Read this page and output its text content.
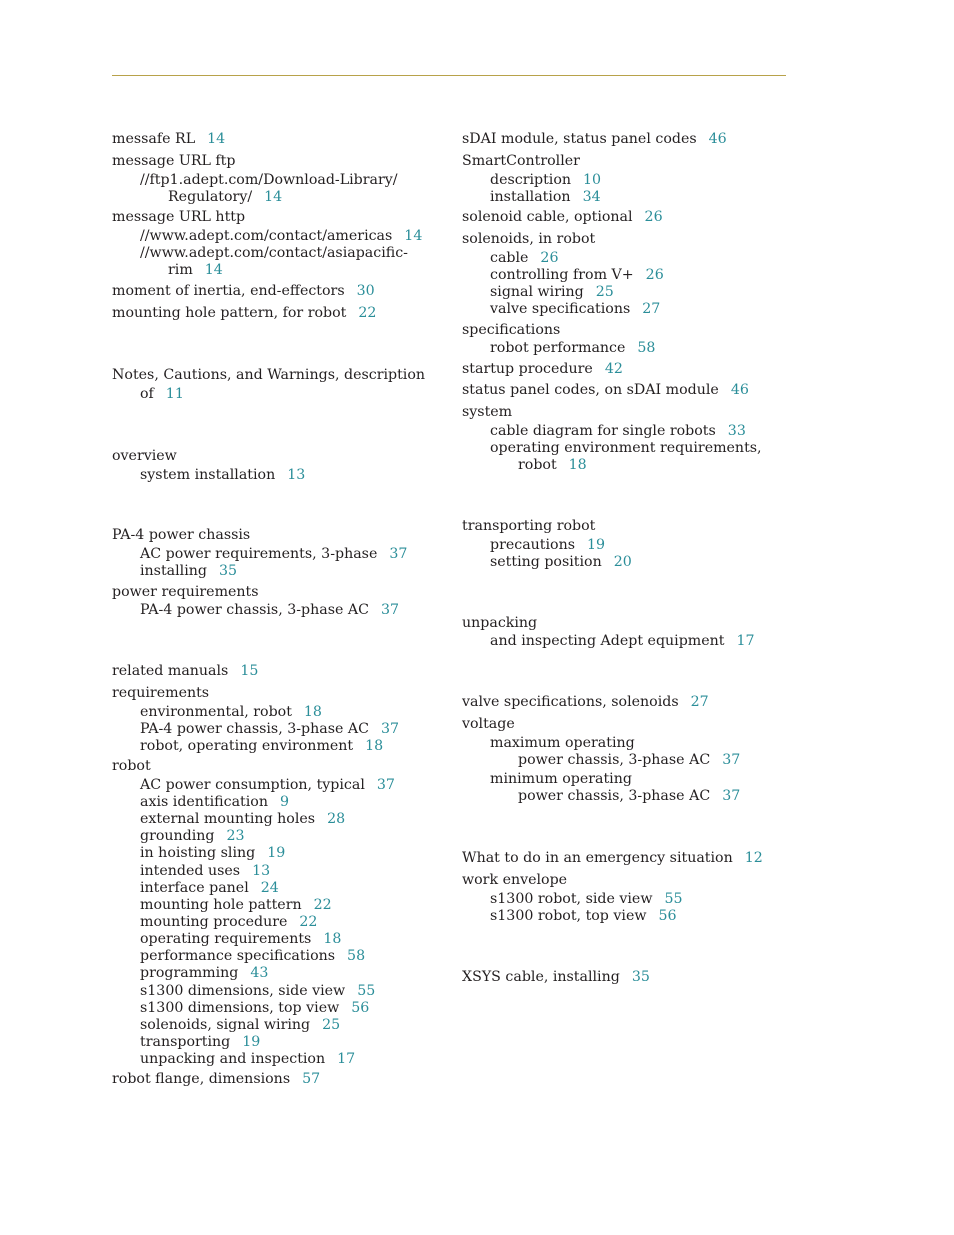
messafe RL 14
message URL ftp
//ftp1.adept.com/Download-Library/
Regulatory/ 14
message URL http
//www.adept.com/contact/americas 14
//www.adept.com/contact/asiapacific-
rim 14
moment of inertia, end-effectors 30
mounting hole pattern, for robot 22
Notes, Cautions, and Warnings, description
of 11
overview
system installation 13
PA-4 power chassis
AC power requirements, 3-phase 37
installing 35
power requirements
PA-4 power chassis, 3-phase AC 37
related manuals 15
requirements
environmental, robot 18
PA-4 power chassis, 3-phase AC 37
robot, operating environment 18
robot
AC power consumption, typical 37
axis identification 9
external mounting holes 28
grounding 23
in hoisting sling 19
intended uses 13
interface panel 24
mounting hole pattern 22
mounting procedure 22
operating requirements 18
performance specifications 58
programming 43
s1300 dimensions, side view 55
s1300 dimensions, top view 56
solenoids, signal wiring 25
transporting 19
unpacking and inspection 17
robot flange, dimensions 57
sDAI module, status panel codes 46
SmartController
description 10
installation 34
solenoid cable, optional 26
solenoids, in robot
cable 26
controlling from V+ 26
signal wiring 25
valve specifications 27
specifications
robot performance 58
startup procedure 42
status panel codes, on sDAI module 46
system
cable diagram for single robots 33
operating environment requirements,
robot 18
transporting robot
precautions 19
setting position 20
unpacking
and inspecting Adept equipment 17
valve specifications, solenoids 27
voltage
maximum operating
power chassis, 3-phase AC 37
minimum operating
power chassis, 3-phase AC 37
What to do in an emergency situation 12
work envelope
s1300 robot, side view 55
s1300 robot, top view 56
XSYS cable, installing 35
